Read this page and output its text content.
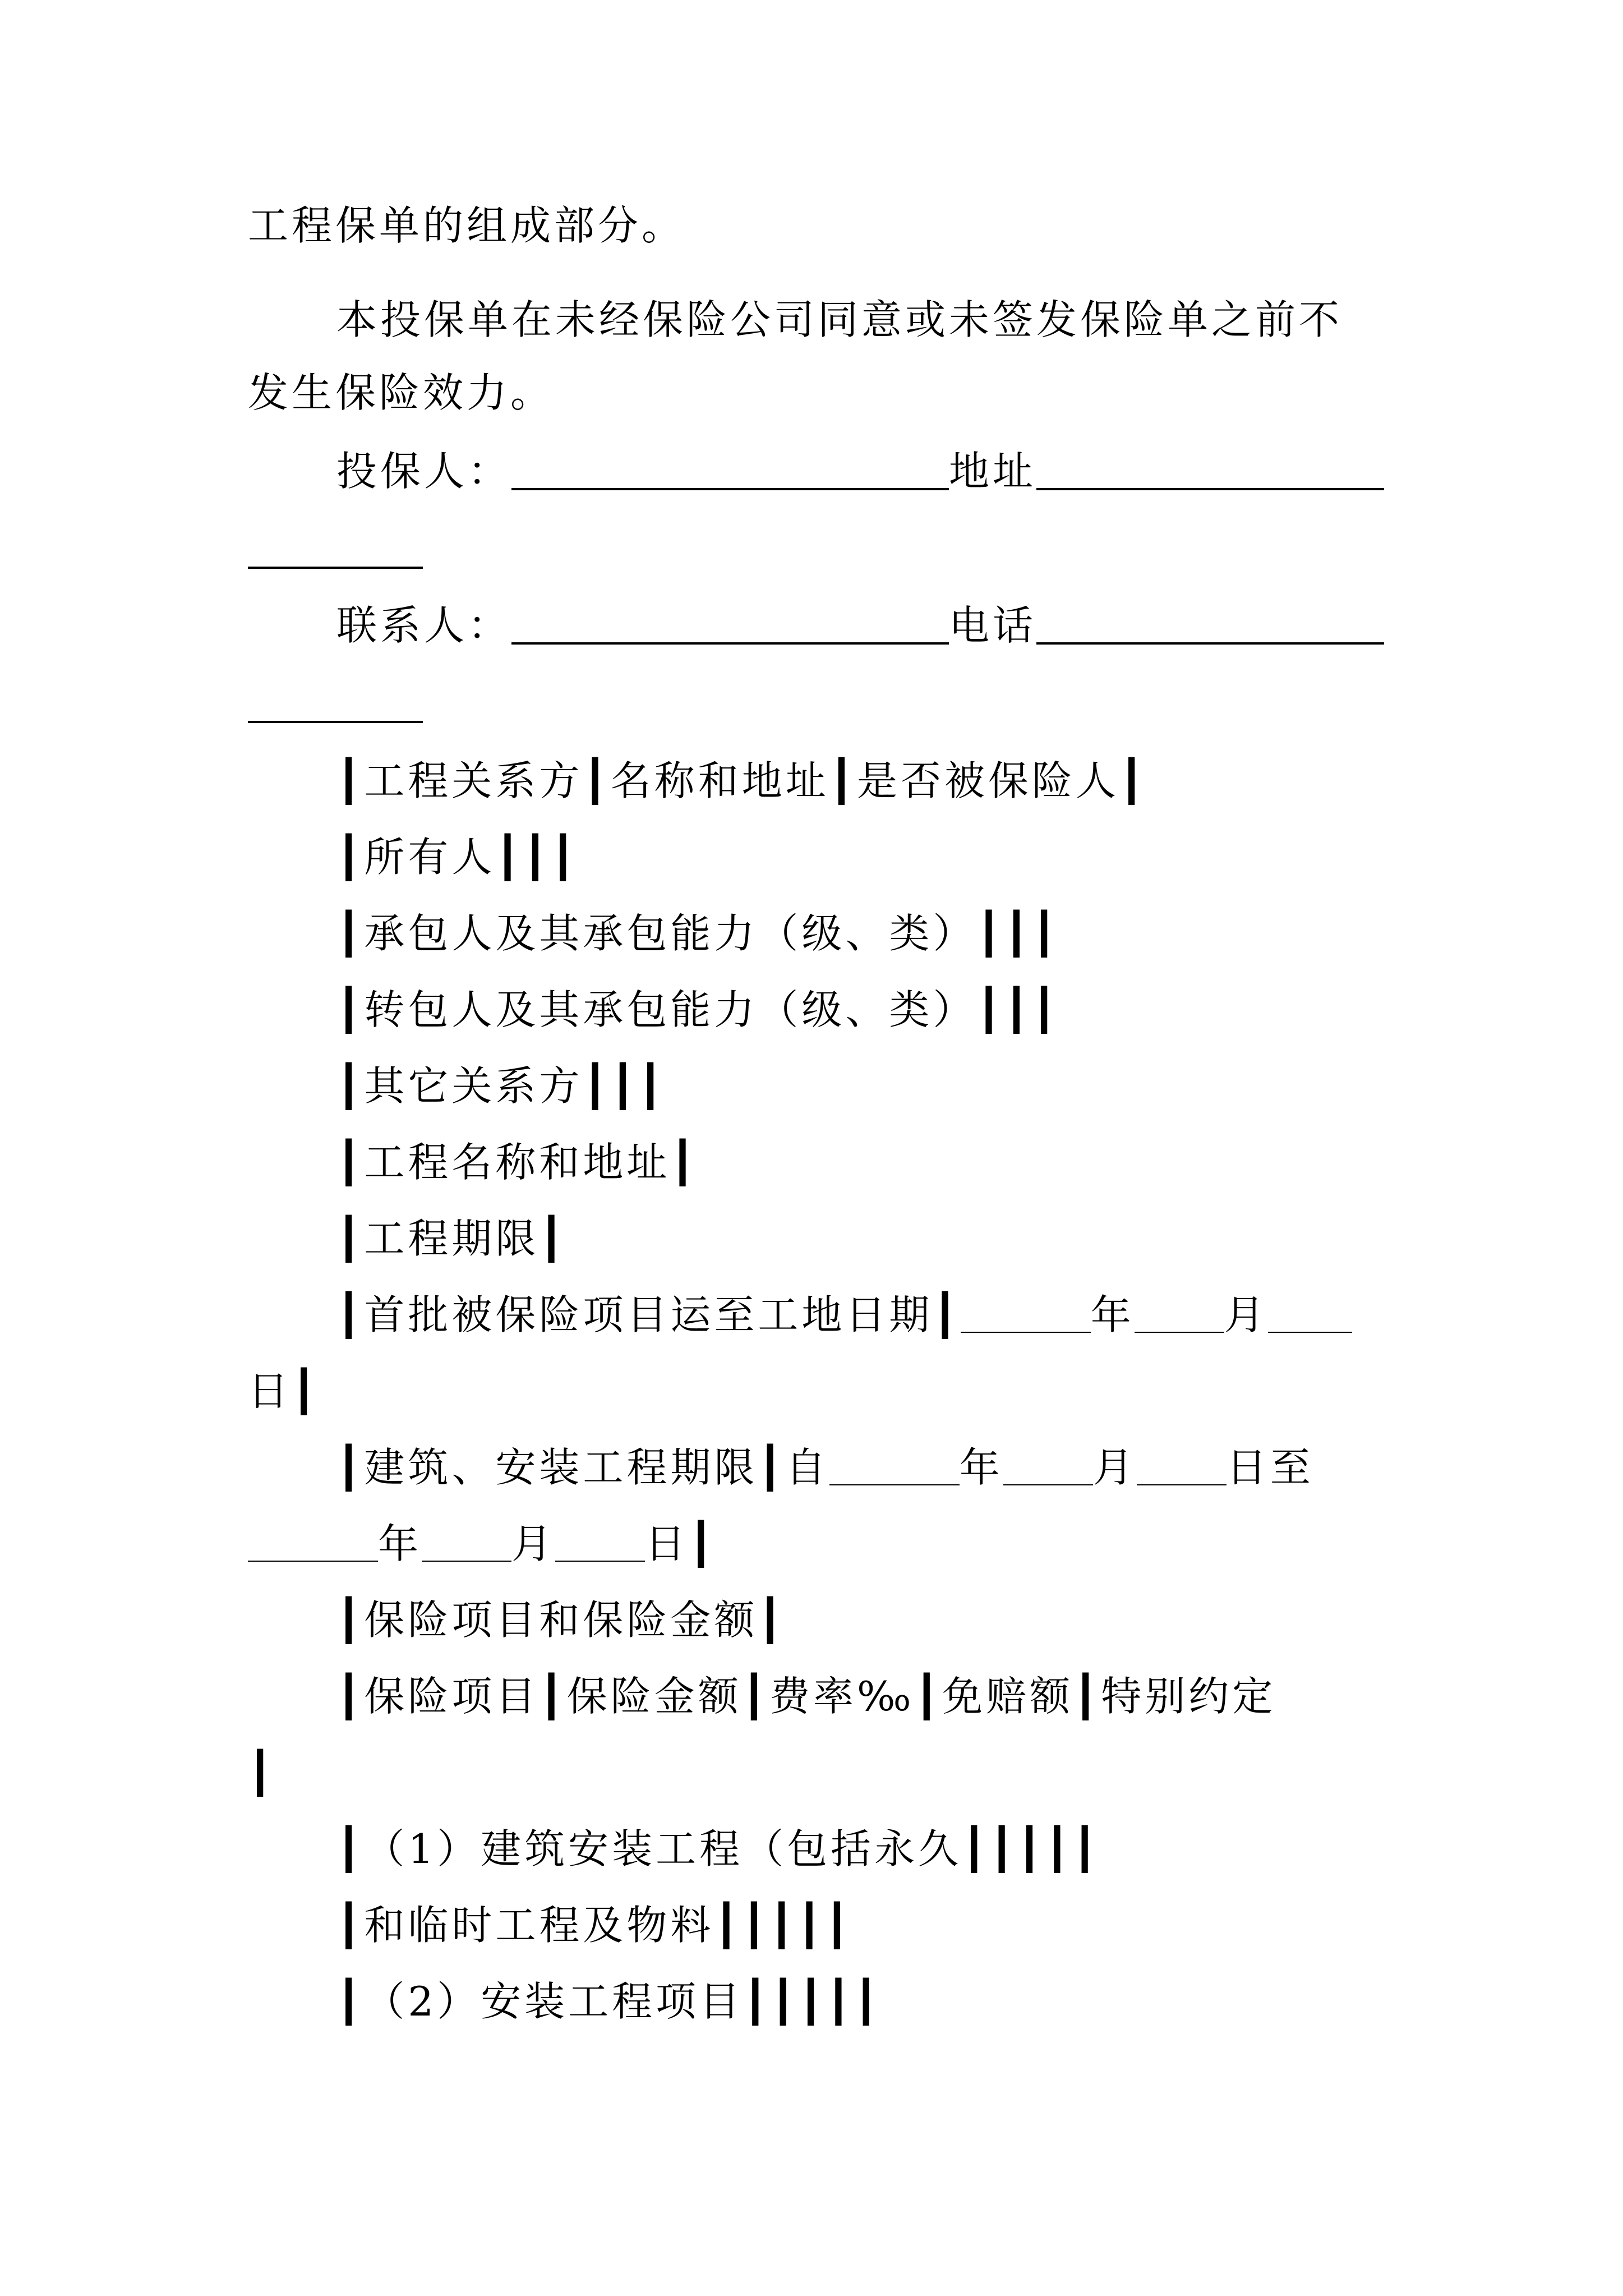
工程保单的组成部分。

本投保单在未经保险公司同意或未签发保险单之前不

发生保险效力。

投保人：	地址

联系人：	电话

┃工程关系方┃名称和地址┃是否被保险人┃

┃所有人┃┃┃

┃承包人及其承包能力（级、类）┃┃┃

┃转包人及其承包能力（级、类）┃┃┃

┃其它关系方┃┃┃

┃工程名称和地址┃

┃工程期限┃

┃首批被保险项目运至工地日期┃	年 月

日┃

┃建筑、安装工程期限┃自	年 月 日至

年 月 日┃

┃保险项目和保险金额┃

┃保险项目┃保险金额┃费率‰┃免赔额┃特别约定

┃

┃（1）建筑安装工程（包括永久┃┃┃┃┃

┃和临时工程及物料┃┃┃┃┃

┃（2）安装工程项目┃┃┃┃┃
